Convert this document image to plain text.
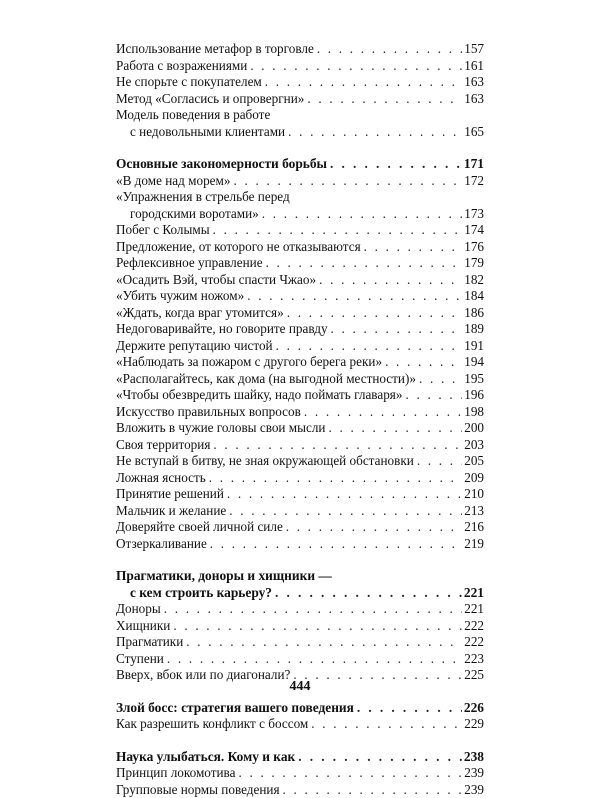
Использование метафор в торговле . . .	157
Работа с возражениями . . .	161
Не спорьте с покупателем . . .	163
Метод «Согласись и опровергни» . . .	163
Модель поведения в работе
с недовольными клиентами . . .	165
Основные закономерности борьбы . . .	171
«В доме над морем» . . .	172
«Упражнения в стрельбе перед
городскими воротами» . . .	173
Побег с Колымы . . .	174
Предложение, от которого не отказываются . . .	176
Рефлексивное управление . . .	179
«Осадить Вэй, чтобы спасти Чжао» . . .	182
«Убить чужим ножом» . . .	184
«Ждать, когда враг утомится» . . .	186
Недоговаривайте, но говорите правду . . .	189
Держите репутацию чистой . . .	191
«Наблюдать за пожаром с другого берега реки» . . .	194
«Располагайтесь, как дома (на выгодной местности)» . . .	195
«Чтобы обезвредить шайку, надо поймать главаря» . . .	196
Искусство правильных вопросов . . .	198
Вложить в чужие головы свои мысли . . .	200
Своя территория . . .	203
Не вступай в битву, не зная окружающей обстановки . . .	205
Ложная ясность . . .	209
Принятие решений . . .	210
Мальчик и желание . . .	213
Доверяйте своей личной силе . . .	216
Отзеркаливание . . .	219
Прагматики, доноры и хищники —
с кем строить карьеру? . . .	221
Доноры . . .	221
Хищники . . .	222
Прагматики . . .	222
Ступени . . .	223
Вверх, вбок или по диагонали? . . .	225
Злой босс: стратегия вашего поведения . . .	226
Как разрешить конфликт с боссом . . .	229
Наука улыбаться. Кому и как . . .	238
Принцип локомотива . . .	239
Групповые нормы поведения . . .	239
444
